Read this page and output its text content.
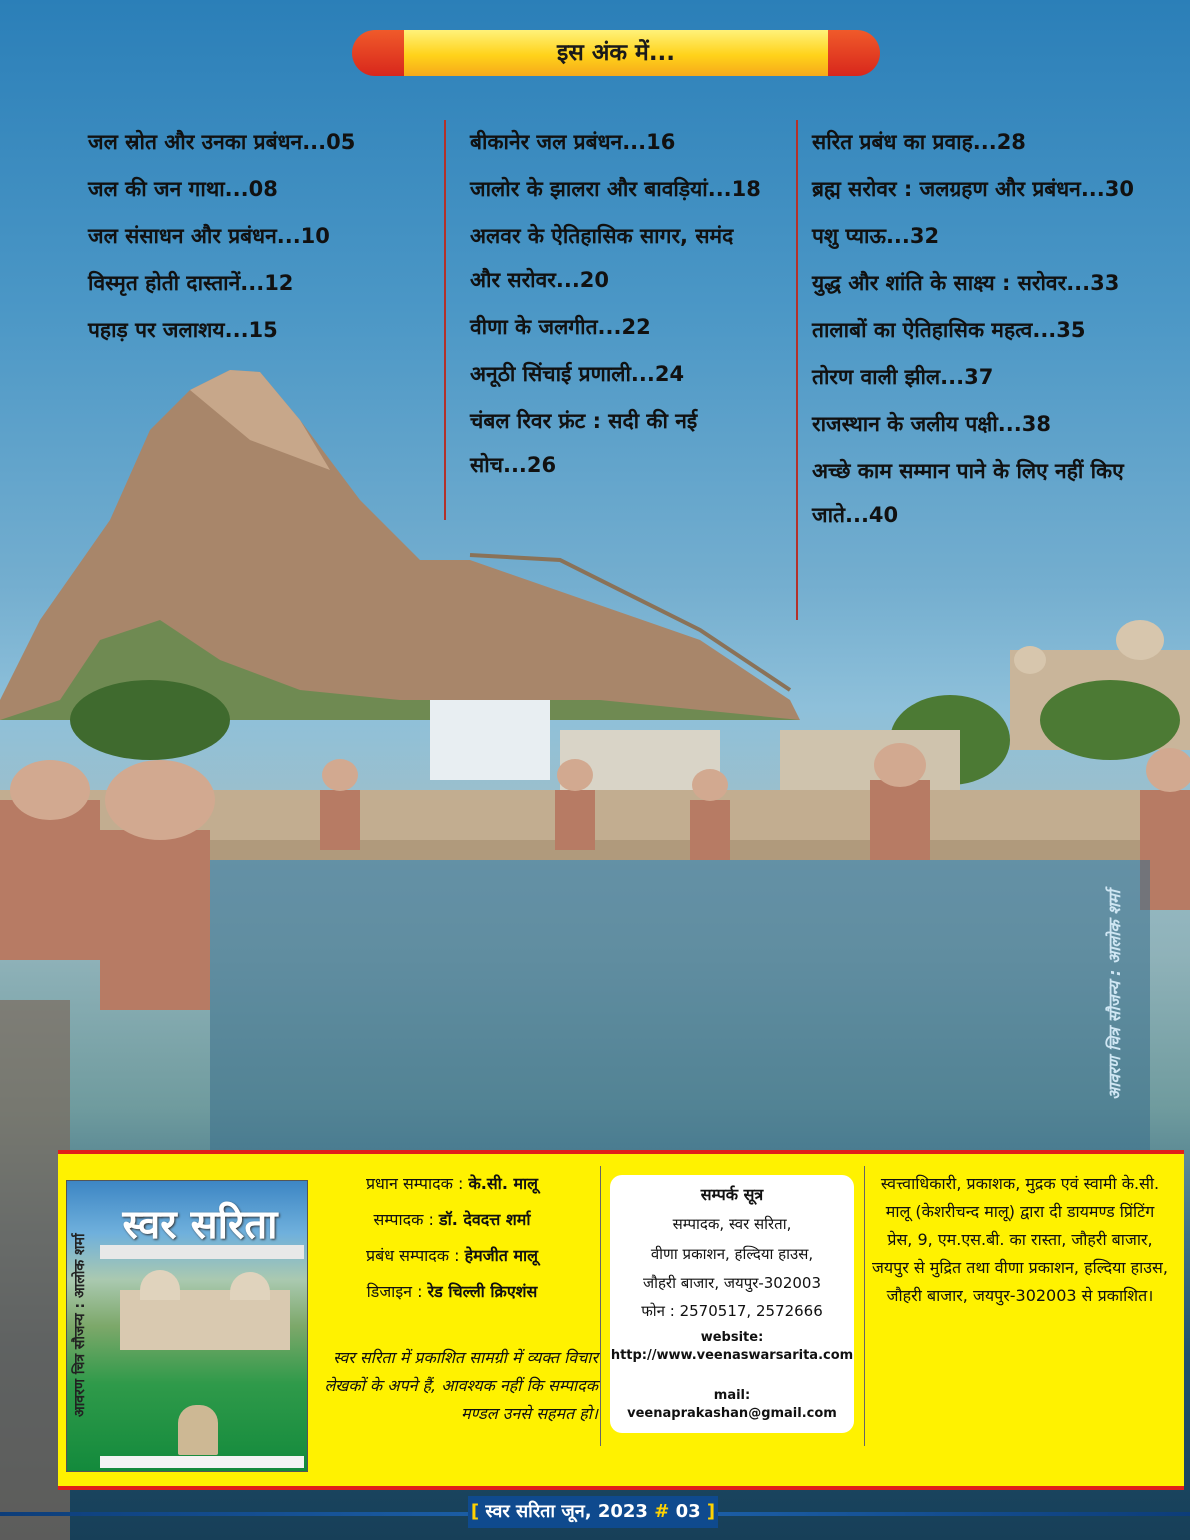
इस अंक में...
जल स्रोत और उनका प्रबंधन...05
जल की जन गाथा...08
जल संसाधन और प्रबंधन...10
विस्मृत होती दास्तानें...12
पहाड़ पर जलाशय...15
बीकानेर जल प्रबंधन...16
जालोर के झालरा और बावड़ियां...18
अलवर के ऐतिहासिक सागर, समंद और सरोवर...20
वीणा के जलगीत...22
अनूठी सिंचाई प्रणाली...24
चंबल रिवर फ्रंट : सदी की नई सोच...26
सरित प्रबंध का प्रवाह...28
ब्रह्म सरोवर : जलग्रहण और प्रबंधन...30
पशु प्याऊ...32
युद्ध और शांति के साक्ष्य : सरोवर...33
तालाबों का ऐतिहासिक महत्व...35
तोरण वाली झील...37
राजस्थान के जलीय पक्षी...38
अच्छे काम सम्मान पाने के लिए नहीं किए जाते...40
आवरण चित्र सौजन्य : आलोक शर्मा
स्वर सरिता
आवरण चित्र सौजन्य : आलोक शर्मा
प्रधान सम्पादक : के.सी. मालू
सम्पादक : डॉ. देवदत्त शर्मा
प्रबंध सम्पादक : हेमजीत मालू
डिजाइन : रेड चिल्ली क्रिएशंस
स्वर सरिता में प्रकाशित सामग्री में व्यक्त विचार लेखकों के अपने हैं, आवश्यक नहीं कि सम्पादक मण्डल उनसे सहमत हो।
सम्पर्क सूत्र
सम्पादक, स्वर सरिता,
वीणा प्रकाशन, हल्दिया हाउस,
जौहरी बाजार, जयपुर-302003
फोन : 2570517, 2572666
website:
http://www.veenaswarsarita.com
mail:
veenaprakashan@gmail.com
स्वत्त्वाधिकारी, प्रकाशक, मुद्रक एवं स्वामी के.सी. मालू (केशरीचन्द मालू) द्वारा दी डायमण्ड प्रिंटिंग प्रेस, 9, एम.एस.बी. का रास्ता, जौहरी बाजार, जयपुर से मुद्रित तथा वीणा प्रकाशन, हल्दिया हाउस, जौहरी बाजार, जयपुर-302003 से प्रकाशित।
[ स्वर सरिता जून, 2023 # 03 ]
